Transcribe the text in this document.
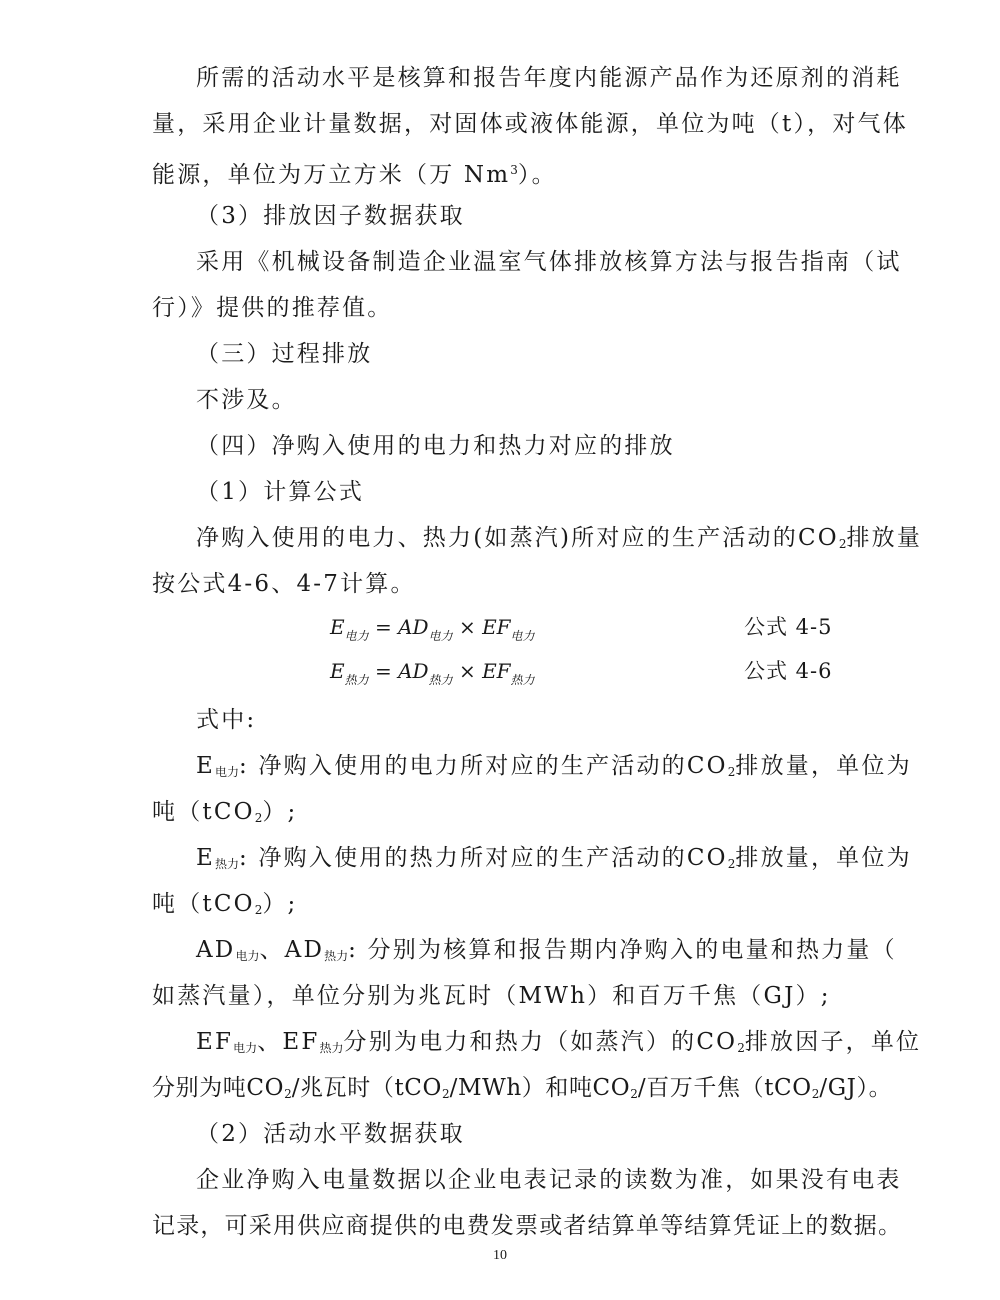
所需的活动水平是核算和报告年度内能源产品作为还原剂的消耗
量，采用企业计量数据，对固体或液体能源，单位为吨（t），对气体
能源，单位为万立方米（万 Nm$^3$）。
（3）排放因子数据获取
采用《机械设备制造企业温室气体排放核算方法与报告指南（试
行）》提供的推荐值。
（三）过程排放
不涉及。
（四）净购入使用的电力和热力对应的排放
（1）计算公式
净购入使用的电力、热力(如蒸汽)所对应的生产活动的$CO_2$排放量
按公式4-6、4-7计算。
$E_{电力} = AD_{电力} \times EF_{电力}$	公式 4-5
$E_{热力} = AD_{热力} \times EF_{热力}$	公式 4-6
式中:
$E_{电力}$: 净购入使用的电力所对应的生产活动的$CO_2$排放量，单位为
吨（tCO$_2$）;
$E_{热力}$: 净购入使用的热力所对应的生产活动的$CO_2$排放量，单位为
吨（tCO$_2$）;
$AD_{电力}$、$AD_{热力}$: 分别为核算和报告期内净购入的电量和热力量（
如蒸汽量），单位分别为兆瓦时（MWh）和百万千焦（GJ）;
$EF_{电力}$、$EF_{热力}$分别为电力和热力（如蒸汽）的$CO_2$排放因子，单位
分别为吨$CO_2/$兆瓦时（tCO$_2$/MWh）和吨$CO_2/$百万千焦（tCO$_2$/GJ）。
（2）活动水平数据获取
企业净购入电量数据以企业电表记录的读数为准，如果没有电表
记录，可采用供应商提供的电费发票或者结算单等结算凭证上的数据。
10
